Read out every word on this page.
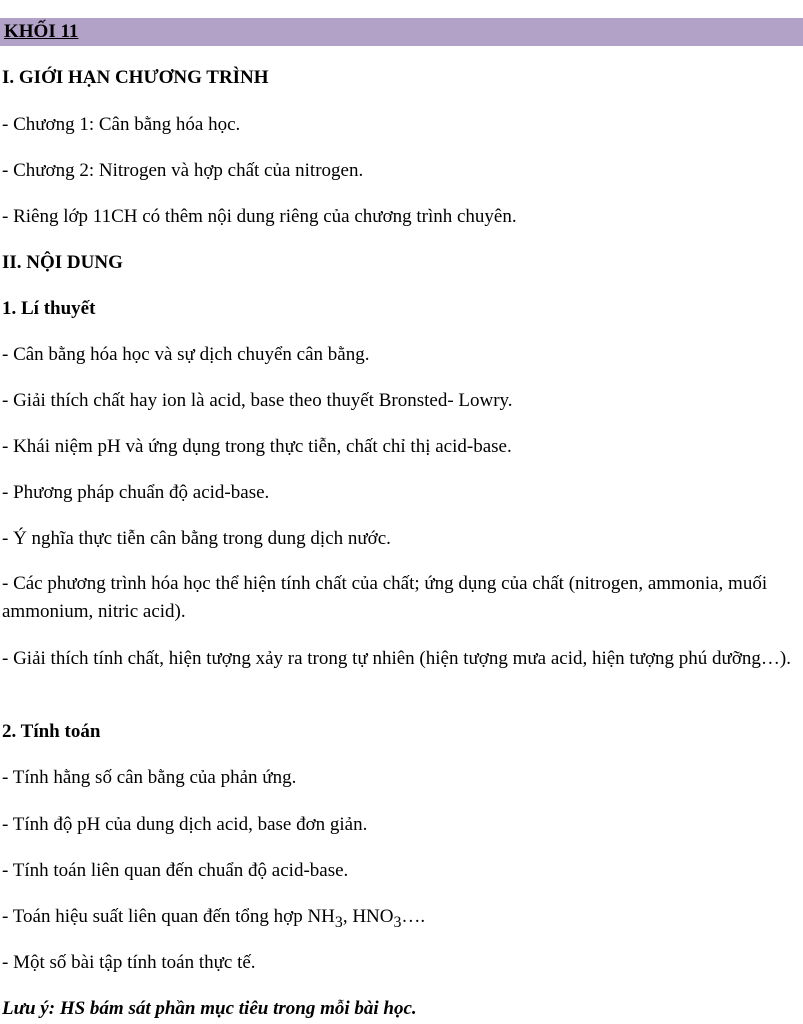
KHỐI 11
I. GIỚI HẠN CHƯƠNG TRÌNH
- Chương 1: Cân bằng hóa học.
- Chương 2: Nitrogen và hợp chất của nitrogen.
- Riêng lớp 11CH có thêm nội dung riêng của chương trình chuyên.
II. NỘI DUNG
1. Lí thuyết
- Cân bằng hóa học và sự dịch chuyển cân bằng.
- Giải thích chất hay ion là acid, base theo thuyết Bronsted- Lowry.
- Khái niệm pH và ứng dụng trong thực tiễn, chất chỉ thị acid-base.
- Phương pháp chuẩn độ acid-base.
- Ý nghĩa thực tiễn cân bằng trong dung dịch nước.
- Các phương trình hóa học thể hiện tính chất của chất; ứng dụng của chất (nitrogen, ammonia, muối ammonium, nitric acid).
- Giải thích tính chất, hiện tượng xảy ra trong tự nhiên (hiện tượng mưa acid, hiện tượng phú dưỡng…).
2. Tính toán
- Tính hằng số cân bằng của phản ứng.
- Tính độ pH của dung dịch acid, base đơn giản.
- Tính toán liên quan đến chuẩn độ acid-base.
- Toán hiệu suất liên quan đến tổng hợp $NH_3$, $HNO_3\dots$.
- Một số bài tập tính toán thực tế.
Lưu ý: HS bám sát phần mục tiêu trong mỗi bài học.
